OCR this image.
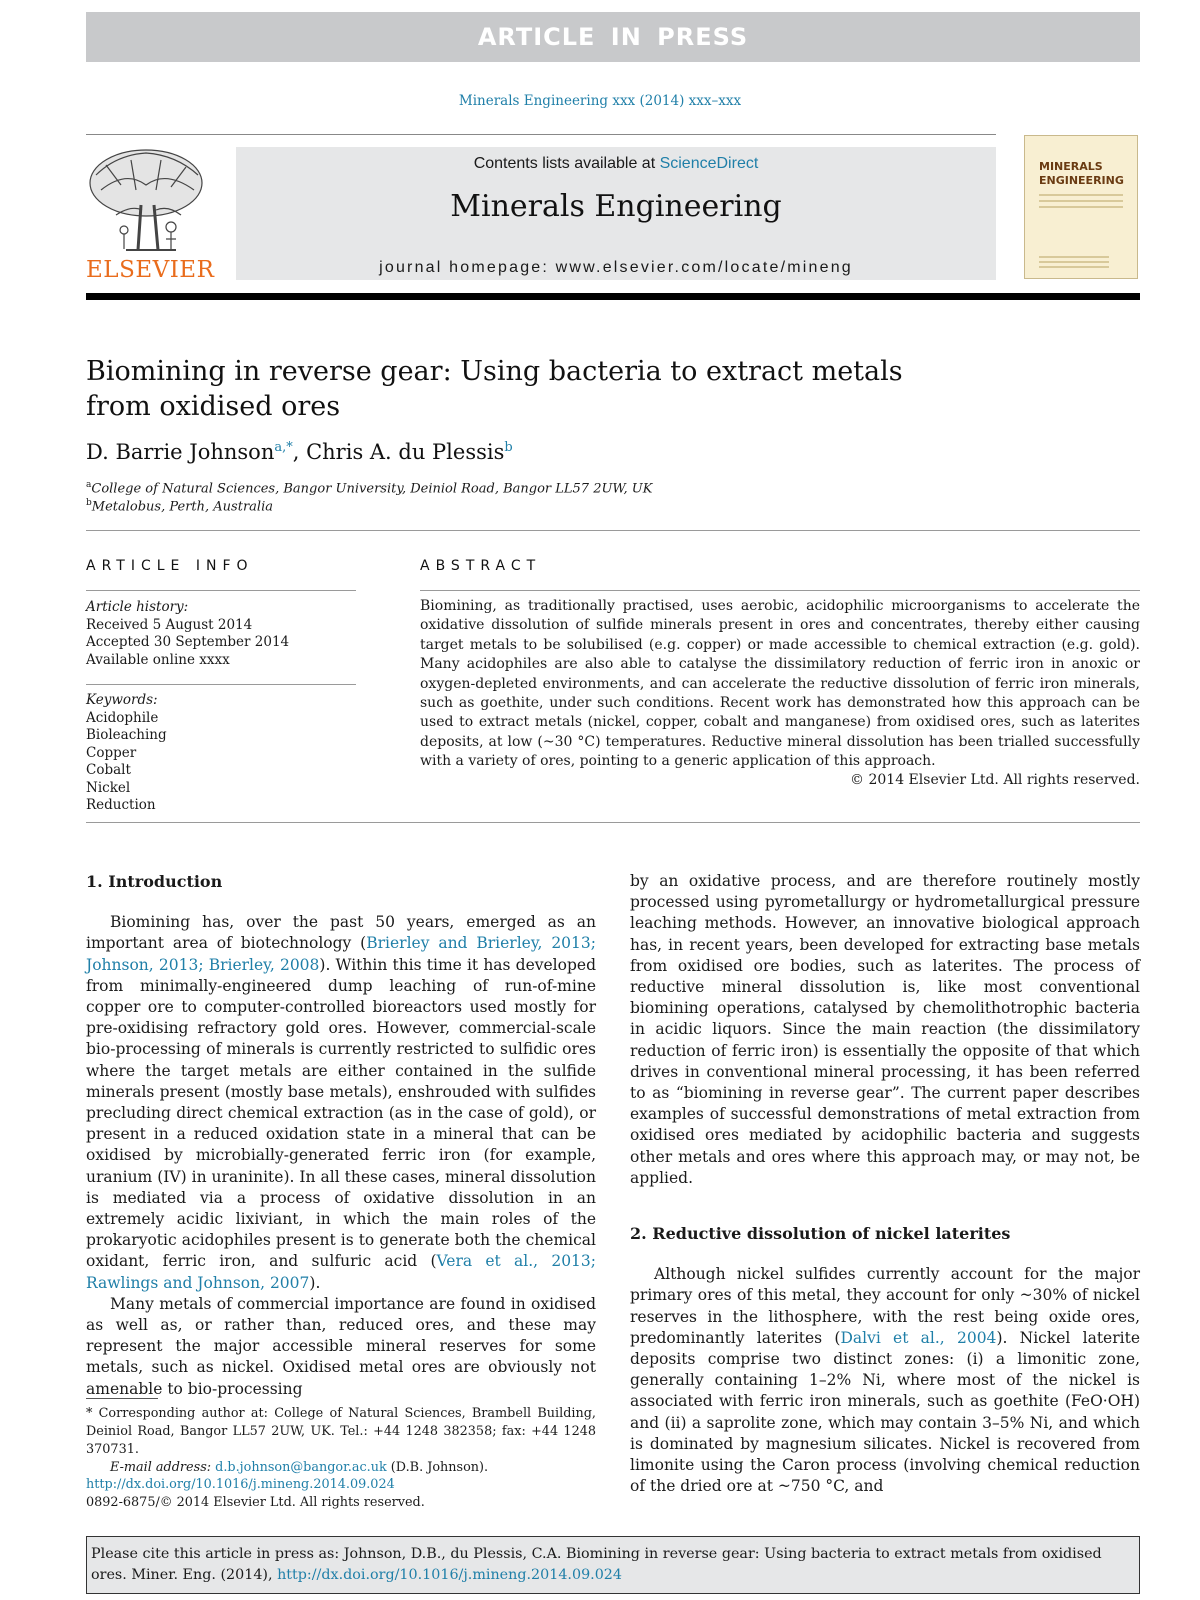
ARTICLE IN PRESS
Minerals Engineering xxx (2014) xxx–xxx
ELSEVIER
Contents lists available at ScienceDirect
Minerals Engineering
journal homepage: www.elsevier.com/locate/mineng
MINERALS
ENGINEERING
Biomining in reverse gear: Using bacteria to extract metals from oxidised ores
D. Barrie Johnson$^{a,*}$, Chris A. du Plessis$^b$
$^a$College of Natural Sciences, Bangor University, Deiniol Road, Bangor LL57 2UW, UK
$^b$Metalobus, Perth, Australia
ARTICLE INFO	ABSTRACT
Article history:
Received 5 August 2014
Accepted 30 September 2014
Available online xxxx
Keywords:
Acidophile
Bioleaching
Copper
Cobalt
Nickel
Reduction
Biomining, as traditionally practised, uses aerobic, acidophilic microorganisms to accelerate the oxidative dissolution of sulfide minerals present in ores and concentrates, thereby either causing target metals to be solubilised (e.g. copper) or made accessible to chemical extraction (e.g. gold). Many acidophiles are also able to catalyse the dissimilatory reduction of ferric iron in anoxic or oxygen-depleted environments, and can accelerate the reductive dissolution of ferric iron minerals, such as goethite, under such conditions. Recent work has demonstrated how this approach can be used to extract metals (nickel, copper, cobalt and manganese) from oxidised ores, such as laterites deposits, at low (~30 °C) temperatures. Reductive mineral dissolution has been trialled successfully with a variety of ores, pointing to a generic application of this approach.
© 2014 Elsevier Ltd. All rights reserved.
1. Introduction

Biomining has, over the past 50 years, emerged as an important area of biotechnology (Brierley and Brierley, 2013; Johnson, 2013; Brierley, 2008). Within this time it has developed from minimally-engineered dump leaching of run-of-mine copper ore to computer-controlled bioreactors used mostly for pre-oxidising refractory gold ores. However, commercial-scale bio-processing of minerals is currently restricted to sulfidic ores where the target metals are either contained in the sulfide minerals present (mostly base metals), enshrouded with sulfides precluding direct chemical extraction (as in the case of gold), or present in a reduced oxidation state in a mineral that can be oxidised by microbially-generated ferric iron (for example, uranium (IV) in uraninite). In all these cases, mineral dissolution is mediated via a process of oxidative dissolution in an extremely acidic lixiviant, in which the main roles of the prokaryotic acidophiles present is to generate both the chemical oxidant, ferric iron, and sulfuric acid (Vera et al., 2013; Rawlings and Johnson, 2007).

Many metals of commercial importance are found in oxidised as well as, or rather than, reduced ores, and these may represent the major accessible mineral reserves for some metals, such as nickel. Oxidised metal ores are obviously not amenable to bio-processing

* Corresponding author at: College of Natural Sciences, Brambell Building, Deiniol Road, Bangor LL57 2UW, UK. Tel.: +44 1248 382358; fax: +44 1248 370731.
E-mail address: d.b.johnson@bangor.ac.uk (D.B. Johnson).
http://dx.doi.org/10.1016/j.mineng.2014.09.024
0892-6875/© 2014 Elsevier Ltd. All rights reserved.

by an oxidative process, and are therefore routinely mostly processed using pyrometallurgy or hydrometallurgical pressure leaching methods. However, an innovative biological approach has, in recent years, been developed for extracting base metals from oxidised ore bodies, such as laterites. The process of reductive mineral dissolution is, like most conventional biomining operations, catalysed by chemolithotrophic bacteria in acidic liquors. Since the main reaction (the dissimilatory reduction of ferric iron) is essentially the opposite of that which drives in conventional mineral processing, it has been referred to as “biomining in reverse gear”. The current paper describes examples of successful demonstrations of metal extraction from oxidised ores mediated by acidophilic bacteria and suggests other metals and ores where this approach may, or may not, be applied.

2. Reductive dissolution of nickel laterites

Although nickel sulfides currently account for the major primary ores of this metal, they account for only ~30% of nickel reserves in the lithosphere, with the rest being oxide ores, predominantly laterites (Dalvi et al., 2004). Nickel laterite deposits comprise two distinct zones: (i) a limonitic zone, generally containing 1–2% Ni, where most of the nickel is associated with ferric iron minerals, such as goethite (FeO·OH) and (ii) a saprolite zone, which may contain 3–5% Ni, and which is dominated by magnesium silicates. Nickel is recovered from limonite using the Caron process (involving chemical reduction of the dried ore at ~750 °C, and

Please cite this article in press as: Johnson, D.B., du Plessis, C.A. Biomining in reverse gear: Using bacteria to extract metals from oxidised ores. Miner. Eng. (2014), http://dx.doi.org/10.1016/j.mineng.2014.09.024
